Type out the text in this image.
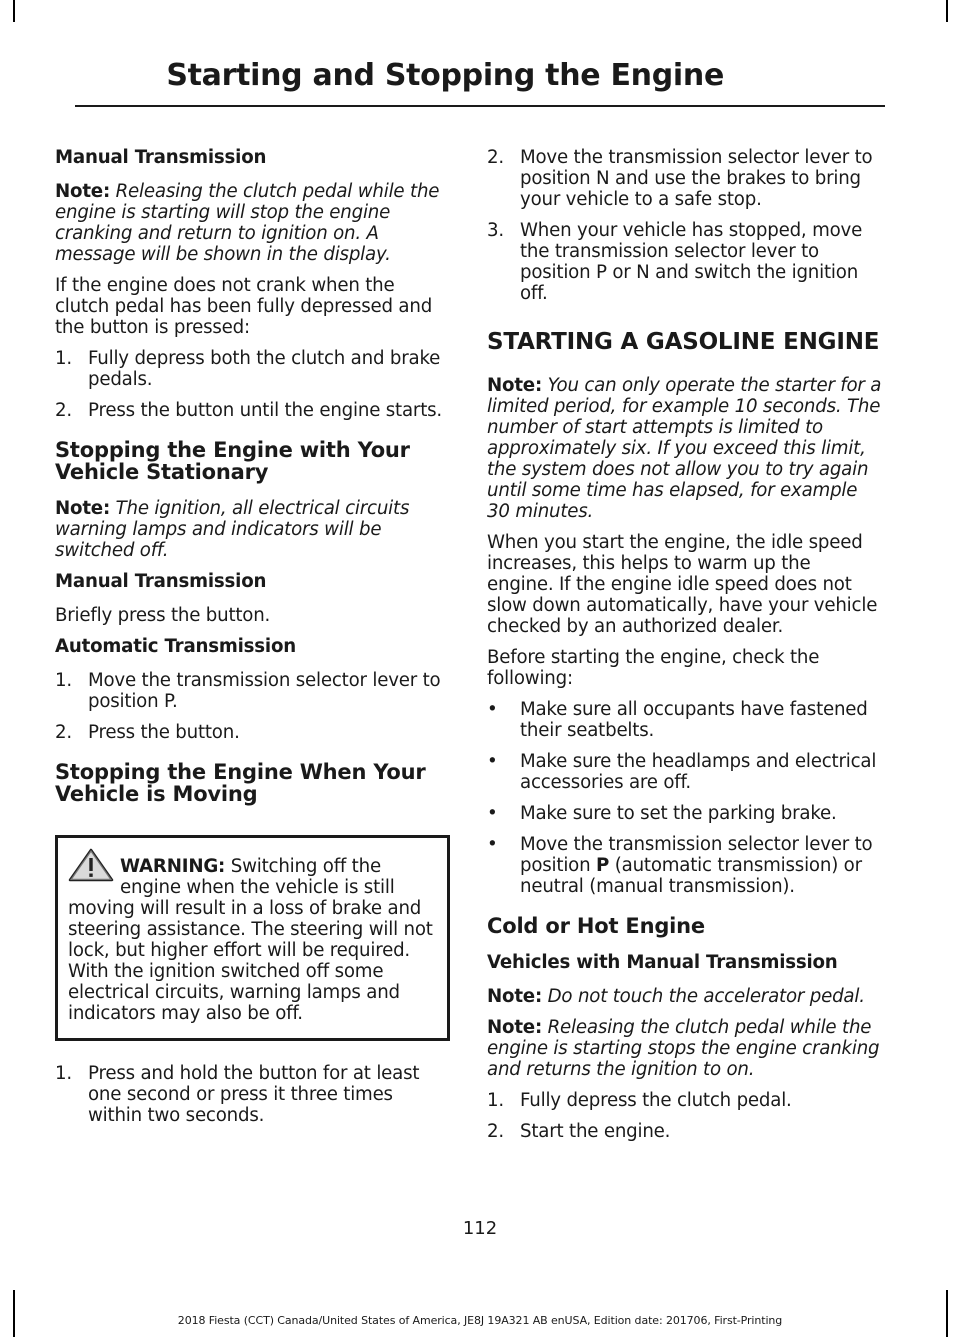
Starting and Stopping the Engine

Manual Transmission

Note: Releasing the clutch pedal while the engine is starting will stop the engine cranking and return to ignition on. A message will be shown in the display.

If the engine does not crank when the clutch pedal has been fully depressed and the button is pressed:

1. Fully depress both the clutch and brake pedals.
2. Press the button until the engine starts.
Stopping the Engine with Your Vehicle Stationary

Note: The ignition, all electrical circuits warning lamps and indicators will be switched off.

Manual Transmission

Briefly press the button.

Automatic Transmission

1. Move the transmission selector lever to position P.
2. Press the button.
Stopping the Engine When Your Vehicle is Moving
WARNING: Switching off the engine when the vehicle is still moving will result in a loss of brake and steering assistance. The steering will not lock, but higher effort will be required. With the ignition switched off some electrical circuits, warning lamps and indicators may also be off.
1. Press and hold the button for at least one second or press it three times within two seconds.
2. Move the transmission selector lever to position N and use the brakes to bring your vehicle to a safe stop.
3. When your vehicle has stopped, move the transmission selector lever to position P or N and switch the ignition off.
STARTING A GASOLINE ENGINE

Note: You can only operate the starter for a limited period, for example 10 seconds. The number of start attempts is limited to approximately six. If you exceed this limit, the system does not allow you to try again until some time has elapsed, for example 30 minutes.

When you start the engine, the idle speed increases, this helps to warm up the engine. If the engine idle speed does not slow down automatically, have your vehicle checked by an authorized dealer.

Before starting the engine, check the following:

• Make sure all occupants have fastened their seatbelts.
• Make sure the headlamps and electrical accessories are off.
• Make sure to set the parking brake.
• Move the transmission selector lever to position P (automatic transmission) or neutral (manual transmission).
Cold or Hot Engine

Vehicles with Manual Transmission

Note: Do not touch the accelerator pedal.

Note: Releasing the clutch pedal while the engine is starting stops the engine cranking and returns the ignition to on.

1. Fully depress the clutch pedal.
2. Start the engine.
112
2018 Fiesta (CCT) Canada/United States of America, JE8J 19A321 AB enUSA, Edition date: 201706, First-Printing
